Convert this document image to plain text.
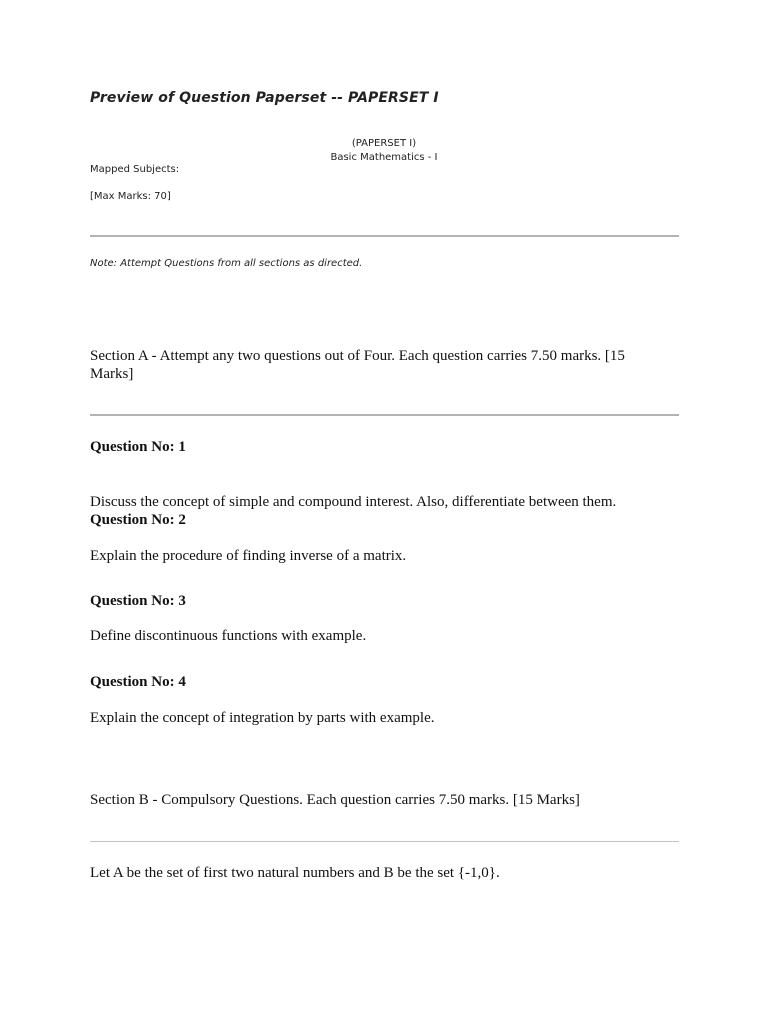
Preview of Question Paperset -- PAPERSET I
(PAPERSET I)
Basic Mathematics - I
Mapped Subjects:
[Max Marks: 70]
Note: Attempt Questions from all sections as directed.
Section A - Attempt any two questions out of Four. Each question carries 7.50 marks. [15 Marks]
Question No: 1
Discuss the concept of simple and compound interest. Also, differentiate between them.
Question No: 2
Explain the procedure of finding inverse of a matrix.
Question No: 3
Define discontinuous functions with example.
Question No: 4
Explain the concept of integration by parts with example.
Section B - Compulsory Questions. Each question carries 7.50 marks. [15 Marks]
Let A be the set of first two natural numbers and B be the set {-1,0}.
